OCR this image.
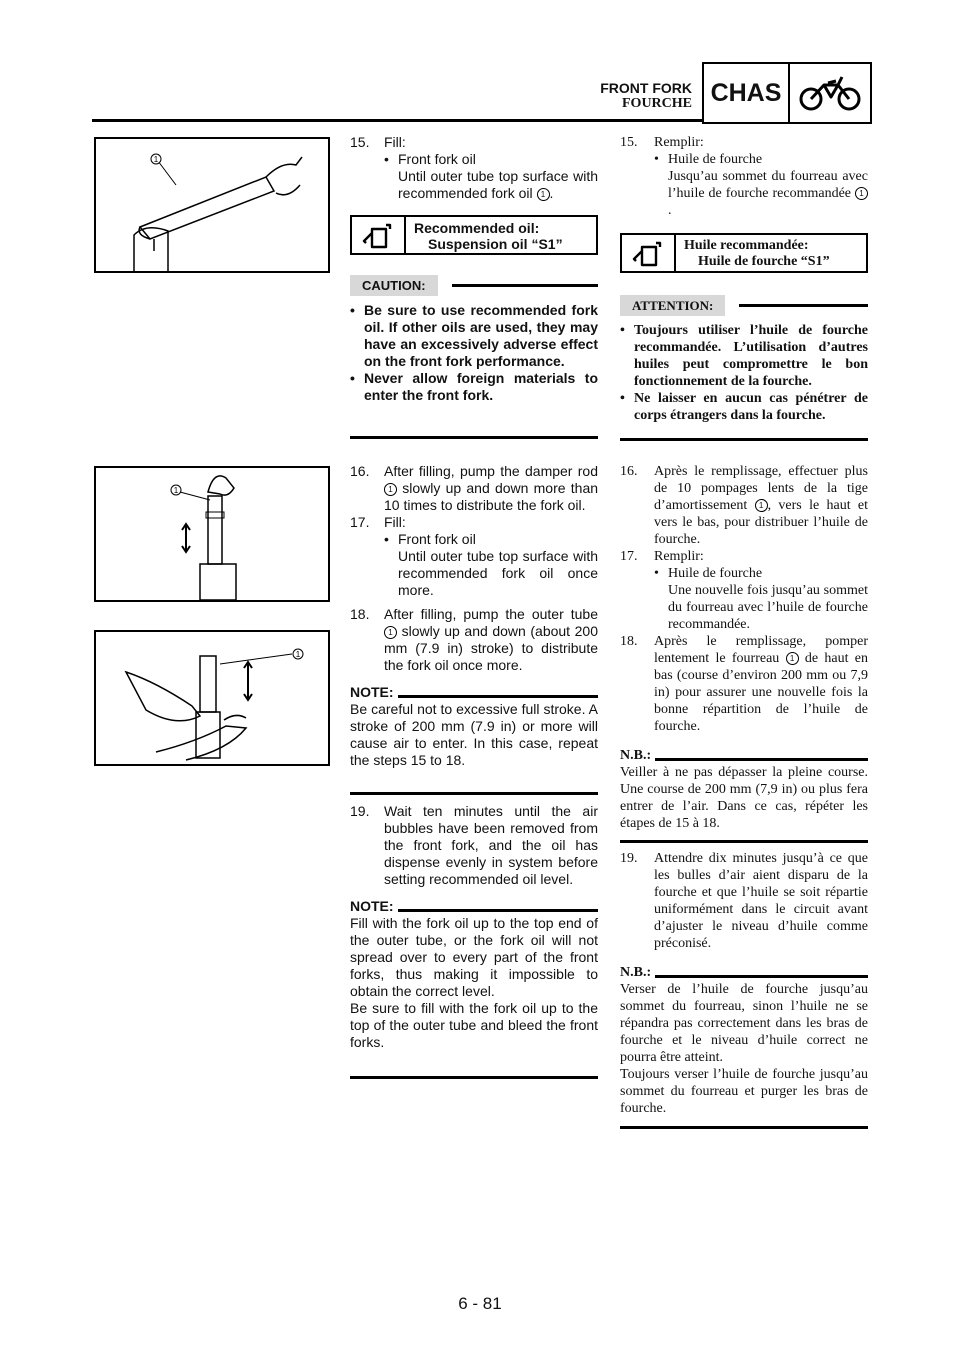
FRONT FORK
FOURCHE CHAS
1
1
1
15. Fill:
• Front fork oil
Until outer tube top surface with recommended fork oil 1 .
Recommended oil:
Suspension oil “S1”
CAUTION:
• Be sure to use recommended fork oil. If other oils are used, they may have an excessively adverse effect on the front fork performance.
• Never allow foreign materials to enter the front fork.
16. After filling, pump the damper rod 1 slowly up and down more than 10 times to distribute the fork oil.
17. Fill:
• Front fork oil
Until outer tube top surface with recommended fork oil once more.
18. After filling, pump the outer tube 1 slowly up and down (about 200 mm (7.9 in) stroke) to distribute the fork oil once more.
NOTE:
Be careful not to excessive full stroke. A stroke of 200 mm (7.9 in) or more will cause air to enter. In this case, repeat the steps 15 to 18.
19. Wait ten minutes until the air bubbles have been removed from the front fork, and the oil has dispense evenly in system before setting recommended oil level.
NOTE:
Fill with the fork oil up to the top end of the outer tube, or the fork oil will not spread over to every part of the front forks, thus making it impossible to obtain the correct level.
Be sure to fill with the fork oil up to the top of the outer tube and bleed the front forks.
15. Remplir:
• Huile de fourche
Jusqu’au sommet du fourreau avec l’huile de fourche recommandée 1.
Huile recommandée:
Huile de fourche “S1”
ATTENTION:
• Toujours utiliser l’huile de fourche recommandée. L’utilisation d’autres huiles peut compromettre le bon fonctionnement de la fourche.
• Ne laisser en aucun cas pénétrer de corps étrangers dans la fourche.
16. Après le remplissage, effectuer plus de 10 pompages lents de la tige d’amortissement 1 , vers le haut et vers le bas, pour distribuer l’huile de fourche.
17. Remplir:
• Huile de fourche
Une nouvelle fois jusqu’au sommet du fourreau avec l’huile de fourche recommandée.
18. Après le remplissage, pomper lentement le fourreau 1 de haut en bas (course d’environ 200 mm ou 7,9 in) pour assurer une nouvelle fois la bonne répartition de l’huile de fourche.
N.B.:
Veiller à ne pas dépasser la pleine course. Une course de 200 mm (7,9 in) ou plus fera entrer de l’air. Dans ce cas, répéter les étapes de 15 à 18.
19. Attendre dix minutes jusqu’à ce que les bulles d’air aient disparu de la fourche et que l’huile se soit répartie uniformément dans le circuit avant d’ajuster le niveau d’huile comme préconisé.
N.B.:
Verser de l’huile de fourche jusqu’au sommet du fourreau, sinon l’huile ne se répandra pas correctement dans les bras de fourche et le niveau d’huile correct ne pourra être atteint.
Toujours verser l’huile de fourche jusqu’au sommet du fourreau et purger les bras de fourche.
6 - 81
